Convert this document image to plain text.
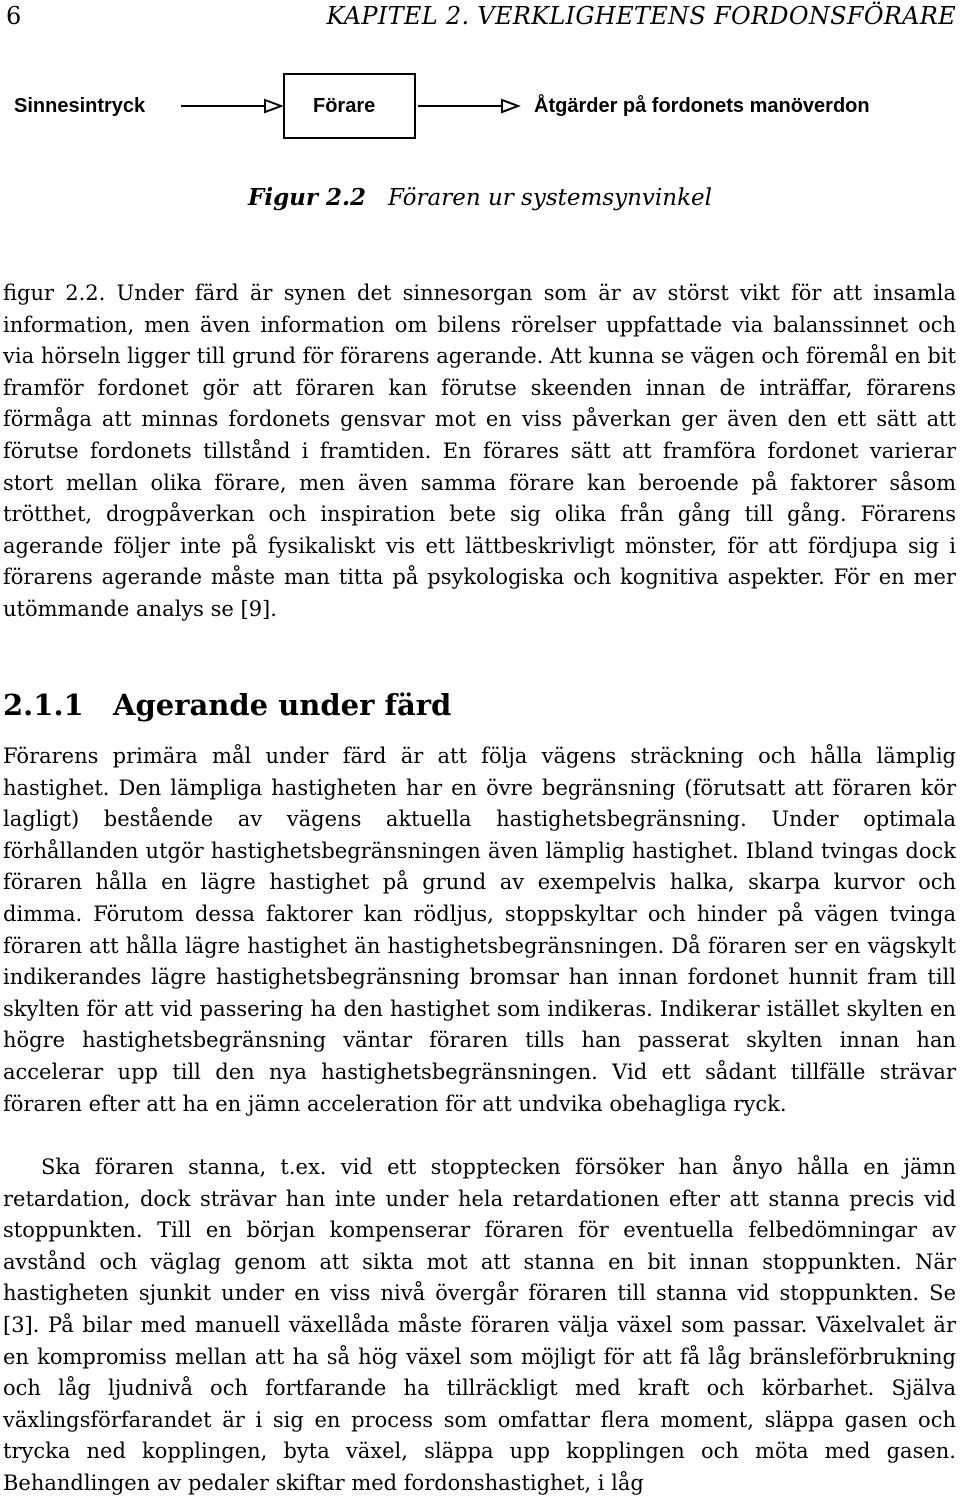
6	KAPITEL 2. VERKLIGHETENS FORDONSFÖRARE
Sinnesintryck	Förare	Åtgärder på fordonets manöverdon
Figur 2.2 Föraren ur systemsynvinkel

figur 2.2. Under färd är synen det sinnesorgan som är av störst vikt för att insamla information, men även information om bilens rörelser uppfattade via balanssinnet och via hörseln ligger till grund för förarens agerande. Att kunna se vägen och föremål en bit framför fordonet gör att föraren kan förutse skeenden innan de inträffar, förarens förmåga att minnas fordonets gensvar mot en viss påverkan ger även den ett sätt att förutse fordonets tillstånd i framtiden. En förares sätt att framföra fordonet varierar stort mellan olika förare, men även samma förare kan beroende på faktorer såsom trötthet, drogpåverkan och inspiration bete sig olika från gång till gång. Förarens agerande följer inte på fysikaliskt vis ett lättbeskrivligt mönster, för att fördjupa sig i förarens agerande måste man titta på psykologiska och kognitiva aspekter. För en mer utömmande analys se [9].

2.1.1 Agerande under färd

Förarens primära mål under färd är att följa vägens sträckning och hålla lämplig hastighet. Den lämpliga hastigheten har en övre begränsning (förutsatt att föraren kör lagligt) bestående av vägens aktuella hastighetsbegränsning. Under optimala förhållanden utgör hastighetsbegränsningen även lämplig hastighet. Ibland tvingas dock föraren hålla en lägre hastighet på grund av exempelvis halka, skarpa kurvor och dimma. Förutom dessa faktorer kan rödljus, stoppskyltar och hinder på vägen tvinga föraren att hålla lägre hastighet än hastighetsbegränsningen. Då föraren ser en vägskylt indikerandes lägre hastighetsbegränsning bromsar han innan fordonet hunnit fram till skylten för att vid passering ha den hastighet som indikeras. Indikerar istället skylten en högre hastighetsbegränsning väntar föraren tills han passerat skylten innan han accelerar upp till den nya hastighetsbegränsningen. Vid ett sådant tillfälle strävar föraren efter att ha en jämn acceleration för att undvika obehagliga ryck.

Ska föraren stanna, t.ex. vid ett stopptecken försöker han ånyo hålla en jämn retardation, dock strävar han inte under hela retardationen efter att stanna precis vid stoppunkten. Till en början kompenserar föraren för eventuella felbedömningar av avstånd och väglag genom att sikta mot att stanna en bit innan stoppunkten. När hastigheten sjunkit under en viss nivå övergår föraren till stanna vid stoppunkten. Se [3]. På bilar med manuell växellåda måste föraren välja växel som passar. Växelvalet är en kompromiss mellan att ha så hög växel som möjligt för att få låg bränsleförbrukning och låg ljudnivå och fortfarande ha tillräckligt med kraft och körbarhet. Själva växlingsförfarandet är i sig en process som omfattar flera moment, släppa gasen och trycka ned kopplingen, byta växel, släppa upp kopplingen och möta med gasen. Behandlingen av pedaler skiftar med fordonshastighet, i låg
